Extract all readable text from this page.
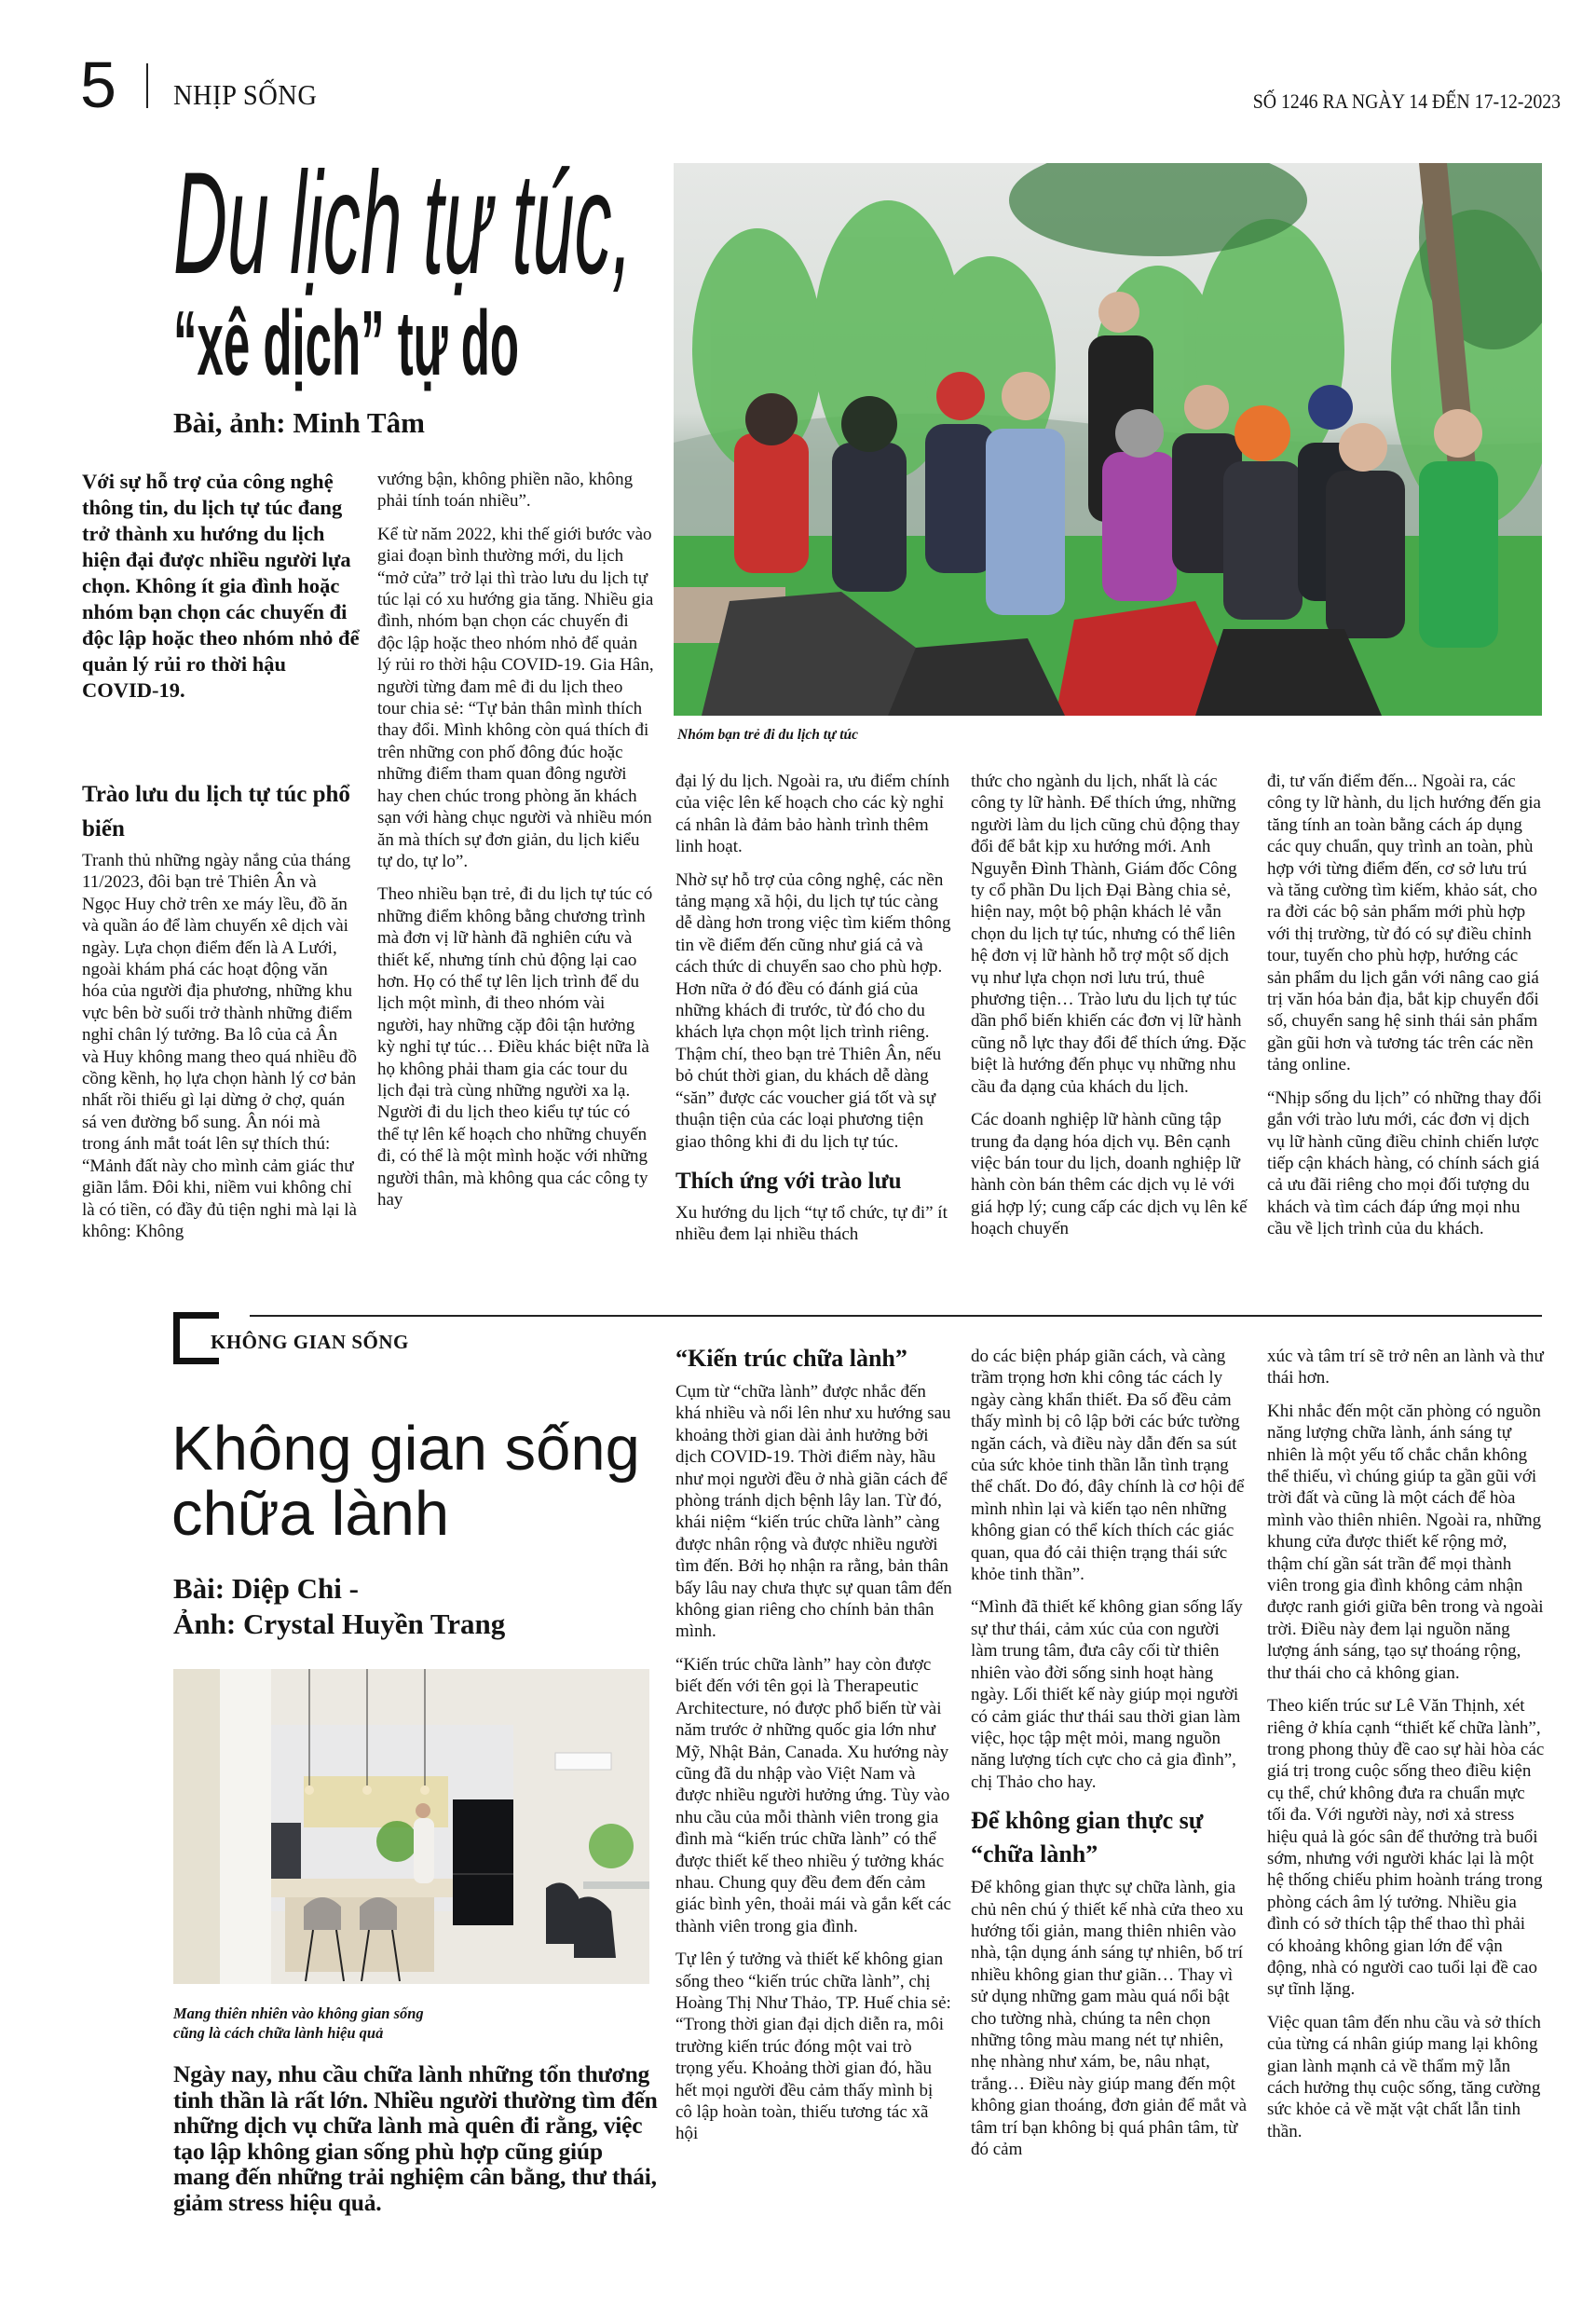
5 NHỊP SỐNG	SỐ 1246 RA NGÀY 14 ĐẾN 17-12-2023
Du lịch tự túc,
“xê dịch” tự do
Bài, ảnh: Minh Tâm
Nhóm bạn trẻ đi du lịch tự túc
Với sự hỗ trợ của công nghệ thông tin, du lịch tự túc đang trở thành xu hướng du lịch hiện đại được nhiều người lựa chọn. Không ít gia đình hoặc nhóm bạn chọn các chuyến đi độc lập hoặc theo nhóm nhỏ để quản lý rủi ro thời hậu COVID-19.
Trào lưu du lịch tự túc phổ biến

Tranh thủ những ngày nắng của tháng 11/2023, đôi bạn trẻ Thiên Ân và Ngọc Huy chở trên xe máy lều, đồ ăn và quần áo để làm chuyến xê dịch vài ngày. Lựa chọn điểm đến là A Lưới, ngoài khám phá các hoạt động văn hóa của người địa phương, những khu vực bên bờ suối trở thành những điểm nghỉ chân lý tưởng. Ba lô của cả Ân và Huy không mang theo quá nhiều đồ cồng kềnh, họ lựa chọn hành lý cơ bản nhất rồi thiếu gì lại dừng ở chợ, quán sá ven đường bổ sung. Ân nói mà trong ánh mắt toát lên sự thích thú: “Mảnh đất này cho mình cảm giác thư giãn lắm. Đôi khi, niềm vui không chỉ là có tiền, có đầy đủ tiện nghi mà lại là không: Không

vướng bận, không phiền não, không phải tính toán nhiều”.

Kể từ năm 2022, khi thế giới bước vào giai đoạn bình thường mới, du lịch “mở cửa” trở lại thì trào lưu du lịch tự túc lại có xu hướng gia tăng. Nhiều gia đình, nhóm bạn chọn các chuyến đi độc lập hoặc theo nhóm nhỏ để quản lý rủi ro thời hậu COVID-19. Gia Hân, người từng đam mê đi du lịch theo tour chia sẻ: “Tự bản thân mình thích thay đổi. Mình không còn quá thích đi trên những con phố đông đúc hoặc những điểm tham quan đông người hay chen chúc trong phòng ăn khách sạn với hàng chục người và nhiều món ăn mà thích sự đơn giản, du lịch kiểu tự do, tự lo”.

Theo nhiều bạn trẻ, đi du lịch tự túc có những điểm không bằng chương trình mà đơn vị lữ hành đã nghiên cứu và thiết kế, nhưng tính chủ động lại cao hơn. Họ có thể tự lên lịch trình để du lịch một mình, đi theo nhóm vài người, hay những cặp đôi tận hưởng kỳ nghỉ tự túc… Điều khác biệt nữa là họ không phải tham gia các tour du lịch đại trà cùng những người xa lạ. Người đi du lịch theo kiểu tự túc có thể tự lên kế hoạch cho những chuyến đi, có thể là một mình hoặc với những người thân, mà không qua các công ty hay

đại lý du lịch. Ngoài ra, ưu điểm chính của việc lên kế hoạch cho các kỳ nghỉ cá nhân là đảm bảo hành trình thêm linh hoạt.

Nhờ sự hỗ trợ của công nghệ, các nền tảng mạng xã hội, du lịch tự túc càng dễ dàng hơn trong việc tìm kiếm thông tin về điểm đến cũng như giá cả và cách thức di chuyển sao cho phù hợp. Hơn nữa ở đó đều có đánh giá của những khách đi trước, từ đó cho du khách lựa chọn một lịch trình riêng. Thậm chí, theo bạn trẻ Thiên Ân, nếu bỏ chút thời gian, du khách dễ dàng “săn” được các voucher giá tốt và sự thuận tiện của các loại phương tiện giao thông khi đi du lịch tự túc.

Thích ứng với trào lưu

Xu hướng du lịch “tự tổ chức, tự đi” ít nhiều đem lại nhiều thách

thức cho ngành du lịch, nhất là các công ty lữ hành. Để thích ứng, những người làm du lịch cũng chủ động thay đổi để bắt kịp xu hướng mới. Anh Nguyễn Đình Thành, Giám đốc Công ty cổ phần Du lịch Đại Bàng chia sẻ, hiện nay, một bộ phận khách lẻ vẫn chọn du lịch tự túc, nhưng có thể liên hệ đơn vị lữ hành hỗ trợ một số dịch vụ như lựa chọn nơi lưu trú, thuê phương tiện… Trào lưu du lịch tự túc dần phổ biến khiến các đơn vị lữ hành cũng nỗ lực thay đổi để thích ứng. Đặc biệt là hướng đến phục vụ những nhu cầu đa dạng của khách du lịch.

Các doanh nghiệp lữ hành cũng tập trung đa dạng hóa dịch vụ. Bên cạnh việc bán tour du lịch, doanh nghiệp lữ hành còn bán thêm các dịch vụ lẻ với giá hợp lý; cung cấp các dịch vụ lên kế hoạch chuyến

đi, tư vấn điểm đến... Ngoài ra, các công ty lữ hành, du lịch hướng đến gia tăng tính an toàn bằng cách áp dụng các quy chuẩn, quy trình an toàn, phù hợp với từng điểm đến, cơ sở lưu trú và tăng cường tìm kiếm, khảo sát, cho ra đời các bộ sản phẩm mới phù hợp với thị trường, từ đó có sự điều chỉnh tour, tuyến cho phù hợp, hướng các sản phẩm du lịch gắn với nâng cao giá trị văn hóa bản địa, bắt kịp chuyển đổi số, chuyển sang hệ sinh thái sản phẩm gần gũi hơn và tương tác trên các nền tảng online.

“Nhịp sống du lịch” có những thay đổi gắn với trào lưu mới, các đơn vị dịch vụ lữ hành cũng điều chỉnh chiến lược tiếp cận khách hàng, có chính sách giá cả ưu đãi riêng cho mọi đối tượng du khách và tìm cách đáp ứng mọi nhu cầu về lịch trình của du khách.

KHÔNG GIAN SỐNG
Không gian sống chữa lành
Bài: Diệp Chi -
Ảnh: Crystal Huyền Trang
Mang thiên nhiên vào không gian sống
cũng là cách chữa lành hiệu quả
Ngày nay, nhu cầu chữa lành những tổn thương tinh thần là rất lớn. Nhiều người thường tìm đến những dịch vụ chữa lành mà quên đi rằng, việc tạo lập không gian sống phù hợp cũng giúp mang đến những trải nghiệm cân bằng, thư thái, giảm stress hiệu quả.
“Kiến trúc chữa lành”

Cụm từ “chữa lành” được nhắc đến khá nhiều và nổi lên như xu hướng sau khoảng thời gian dài ảnh hưởng bởi dịch COVID-19. Thời điểm này, hầu như mọi người đều ở nhà giãn cách để phòng tránh dịch bệnh lây lan. Từ đó, khái niệm “kiến trúc chữa lành” càng được nhân rộng và được nhiều người tìm đến. Bởi họ nhận ra rằng, bản thân bấy lâu nay chưa thực sự quan tâm đến không gian riêng cho chính bản thân mình.

“Kiến trúc chữa lành” hay còn được biết đến với tên gọi là Therapeutic Architecture, nó được phổ biến từ vài năm trước ở những quốc gia lớn như Mỹ, Nhật Bản, Canada. Xu hướng này cũng đã du nhập vào Việt Nam và được nhiều người hưởng ứng. Tùy vào nhu cầu của mỗi thành viên trong gia đình mà “kiến trúc chữa lành” có thể được thiết kế theo nhiều ý tưởng khác nhau. Chung quy đều đem đến cảm giác bình yên, thoải mái và gắn kết các thành viên trong gia đình.

Tự lên ý tưởng và thiết kế không gian sống theo “kiến trúc chữa lành”, chị Hoàng Thị Như Thảo, TP. Huế chia sẻ: “Trong thời gian đại dịch diễn ra, môi trường kiến trúc đóng một vai trò trọng yếu. Khoảng thời gian đó, hầu hết mọi người đều cảm thấy mình bị cô lập hoàn toàn, thiếu tương tác xã hội

do các biện pháp giãn cách, và càng trầm trọng hơn khi công tác cách ly ngày càng khẩn thiết. Đa số đều cảm thấy mình bị cô lập bởi các bức tường ngăn cách, và điều này dẫn đến sa sút của sức khỏe tinh thần lẫn tình trạng thể chất. Do đó, đây chính là cơ hội để mình nhìn lại và kiến tạo nên những không gian có thể kích thích các giác quan, qua đó cải thiện trạng thái sức khỏe tinh thần”.

“Mình đã thiết kế không gian sống lấy sự thư thái, cảm xúc của con người làm trung tâm, đưa cây cối từ thiên nhiên vào đời sống sinh hoạt hàng ngày. Lối thiết kế này giúp mọi người có cảm giác thư thái sau thời gian làm việc, học tập mệt mỏi, mang nguồn năng lượng tích cực cho cả gia đình”, chị Thảo cho hay.

Để không gian thực sự “chữa lành”

Để không gian thực sự chữa lành, gia chủ nên chú ý thiết kế nhà cửa theo xu hướng tối giản, mang thiên nhiên vào nhà, tận dụng ánh sáng tự nhiên, bố trí nhiều không gian thư giãn… Thay vì sử dụng những gam màu quá nổi bật cho tường nhà, chúng ta nên chọn những tông màu mang nét tự nhiên, nhẹ nhàng như xám, be, nâu nhạt, trắng… Điều này giúp mang đến một không gian thoáng, đơn giản để mắt và tâm trí bạn không bị quá phân tâm, từ đó cảm

xúc và tâm trí sẽ trở nên an lành và thư thái hơn.

Khi nhắc đến một căn phòng có nguồn năng lượng chữa lành, ánh sáng tự nhiên là một yếu tố chắc chắn không thể thiếu, vì chúng giúp ta gần gũi với trời đất và cũng là một cách để hòa mình vào thiên nhiên. Ngoài ra, những khung cửa được thiết kế rộng mở, thậm chí gần sát trần để mọi thành viên trong gia đình không cảm nhận được ranh giới giữa bên trong và ngoài trời. Điều này đem lại nguồn năng lượng ánh sáng, tạo sự thoáng rộng, thư thái cho cả không gian.

Theo kiến trúc sư Lê Văn Thịnh, xét riêng ở khía cạnh “thiết kế chữa lành”, trong phong thủy đề cao sự hài hòa các giá trị trong cuộc sống theo điều kiện cụ thể, chứ không đưa ra chuẩn mực tối đa. Với người này, nơi xả stress hiệu quả là góc sân để thưởng trà buổi sớm, nhưng với người khác lại là một hệ thống chiếu phim hoành tráng trong phòng cách âm lý tưởng. Nhiều gia đình có sở thích tập thể thao thì phải có khoảng không gian lớn để vận động, nhà có người cao tuổi lại đề cao sự tĩnh lặng.

Việc quan tâm đến nhu cầu và sở thích của từng cá nhân giúp mang lại không gian lành mạnh cả về thẩm mỹ lẫn cách hưởng thụ cuộc sống, tăng cường sức khỏe cả về mặt vật chất lẫn tinh thần.
